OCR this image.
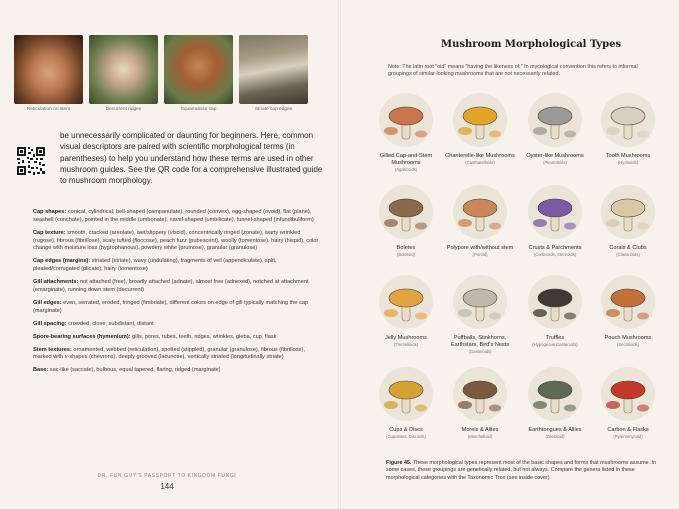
Reticulation on stem	Decurrent ridges	Squamulose cap	Striate cap edges

be unnecessarily complicated or daunting for beginners. Here, common visual descriptors are paired with scientific morphological terms (in parentheses) to help you understand how these terms are used in other mushroom guides. See the QR code for a comprehensive illustrated guide to mushroom morphology.

Cap shapes: conical, cylindrical, bell-shaped (campanulate), rounded (convex), egg-shaped (ovoid), flat (plane), seashell (conchate), pointed in the middle (umbonate), navel-shaped (umbilicate), funnel-shaped (infundibuliform)

Cap texture: smooth, cracked (areolate), wet/slippery (viscid), concentrically ringed (zonate), warty wrinkled (rugose), fibrous (fibrillose), scaly tufted (floccose), peach fuzz (pubescent), woolly (tomentose), hairy (hispid), color change with moisture loss (hygrophanous), powdery white (pruinose), granular (granulose)

Cap edges (margins): striated (striate), wavy (undulating), fragments of veil (appendiculate), split, pleated/corrugated (plicate), hairy (tomentose)

Gill attachments: not attached (free), broadly attached (adnate), almost free (adnexed), notched at attachment (emarginate), running down stem (decurrent)

Gill edges: even, serrated, eroded, fringed (fimbriate), different colors on edge of gill typically matching the cap (marginate)

Gill spacing: crowded, close, subdistant, distant

Spore-bearing surfaces (hymenium): gills, pores, tubes, teeth, ridges, wrinkles, gleba, cup, flask

Stem textures: ornamented, webbed (reticulation), spotted (stippled), granular (granulose), fibrous (fibrillose), marked with v-shapes (chevrons), deeply grooved (lacunose), vertically striated (longitudinally striate)

Base: sac-like (saccate), bulbous, equal tapered, flaring, ridged (marginate)

DR. FUN GUY'S PASSPORT TO KINGDOM FUNGI
144
Mushroom Morphological Types

Note: The latin root "oid" means "having the likeness of." In mycological convention this refers to informal groupings of similar-looking mushrooms that are not necessarily related.

Gilled Cap-and-Stem Mushrooms
(Agaricoids)
Chanterelle-like Mushrooms
(Cantharelloids)
Oyster-like Mushrooms
(Pleurotoids)
Tooth Mushrooms
(Hydnoids)
Boletes
(Boletoid)
Polypore with/without stem
(Poroid)
Crusts & Parchments
(Corticioids, Stereoids)
Corals & Clubs
(Clavarioids)
Jelly Mushrooms
(Tremelloids)
Puffballs, Stinkhorns, Earthstars, Bird's Nests
(Gasteroids)
Truffles
(Hypogeous Gasteroids)
Pouch Mushrooms
(Secotioids)
Cups & Discs
(Cupulates, Discoids)
Morels & Allies
(Morchelloid)
Earthtongues & Allies
(Glossoid)
Carbon & Flasks
(Pyrenomycoid)

Figure 45. These morphological types represent most of the basic shapes and forms that mushrooms assume. In some cases, these groupings are genetically related, but not always. Compare the genera listed in these morphological categories with the Taxonomic Tree (see inside cover).
